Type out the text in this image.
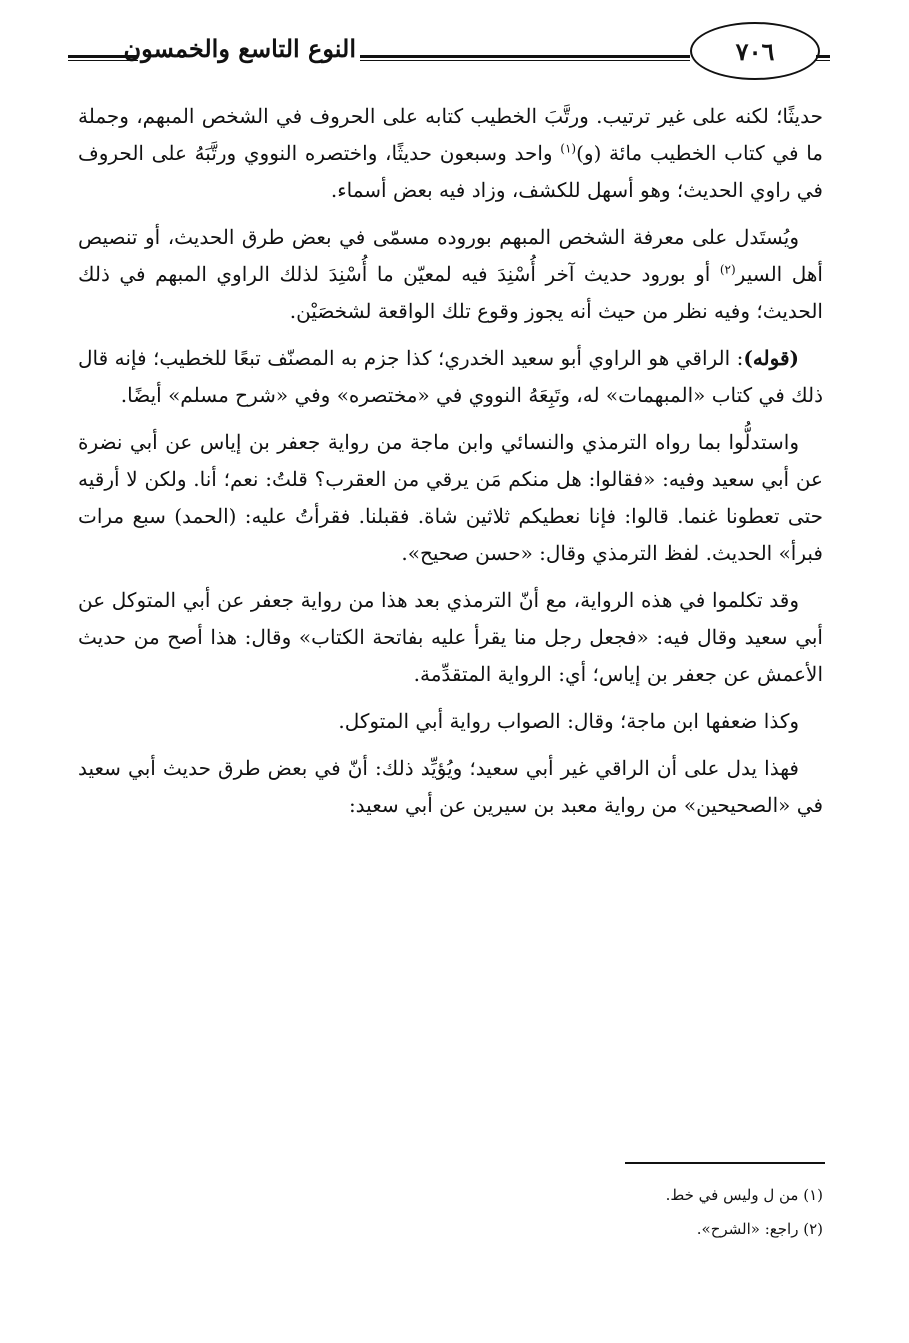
النوع التاسع والخمسون	٧٠٦

حديثًا؛ لكنه على غير ترتيب. ورتَّبَ الخطيب كتابه على الحروف في الشخص المبهم، وجملة ما في كتاب الخطيب مائة (و)$^{(١)}$ واحد وسبعون حديثًا، واختصره النووي ورتَّبَهُ على الحروف في راوي الحديث؛ وهو أسهل للكشف، وزاد فيه بعض أسماء.

ويُستَدل على معرفة الشخص المبهم بوروده مسمّى في بعض طرق الحديث، أو تنصيص أهل السير$^{(٢)}$ أو بورود حديث آخر أُسْنِدَ فيه لمعيّن ما أُسْنِدَ لذلك الراوي المبهم في ذلك الحديث؛ وفيه نظر من حيث أنه يجوز وقوع تلك الواقعة لشخصَيْن.

(قوله): الراقي هو الراوي أبو سعيد الخدري؛ كذا جزم به المصنّف تبعًا للخطيب؛ فإنه قال ذلك في كتاب «المبهمات» له، وتَبِعَهُ النووي في «مختصره» وفي «شرح مسلم» أيضًا.

واستدلُّوا بما رواه الترمذي والنسائي وابن ماجة من رواية جعفر بن إياس عن أبي نضرة عن أبي سعيد وفيه: «فقالوا: هل منكم مَن يرقي من العقرب؟ قلتُ: نعم؛ أنا. ولكن لا أرقيه حتى تعطونا غنما. قالوا: فإنا نعطيكم ثلاثين شاة. فقبلنا. فقرأتُ عليه: (الحمد) سبع مرات فبرأ» الحديث. لفظ الترمذي وقال: «حسن صحيح».

وقد تكلموا في هذه الرواية، مع أنّ الترمذي بعد هذا من رواية جعفر عن أبي المتوكل عن أبي سعيد وقال فيه: «فجعل رجل منا يقرأ عليه بفاتحة الكتاب» وقال: هذا أصح من حديث الأعمش عن جعفر بن إياس؛ أي: الرواية المتقدِّمة.

وكذا ضعفها ابن ماجة؛ وقال: الصواب رواية أبي المتوكل.

فهذا يدل على أن الراقي غير أبي سعيد؛ ويُؤيِّد ذلك: أنّ في بعض طرق حديث أبي سعيد في «الصحيحين» من رواية معبد بن سيرين عن أبي سعيد:

(١) من ل وليس في خط.
(٢) راجع: «الشرح».
